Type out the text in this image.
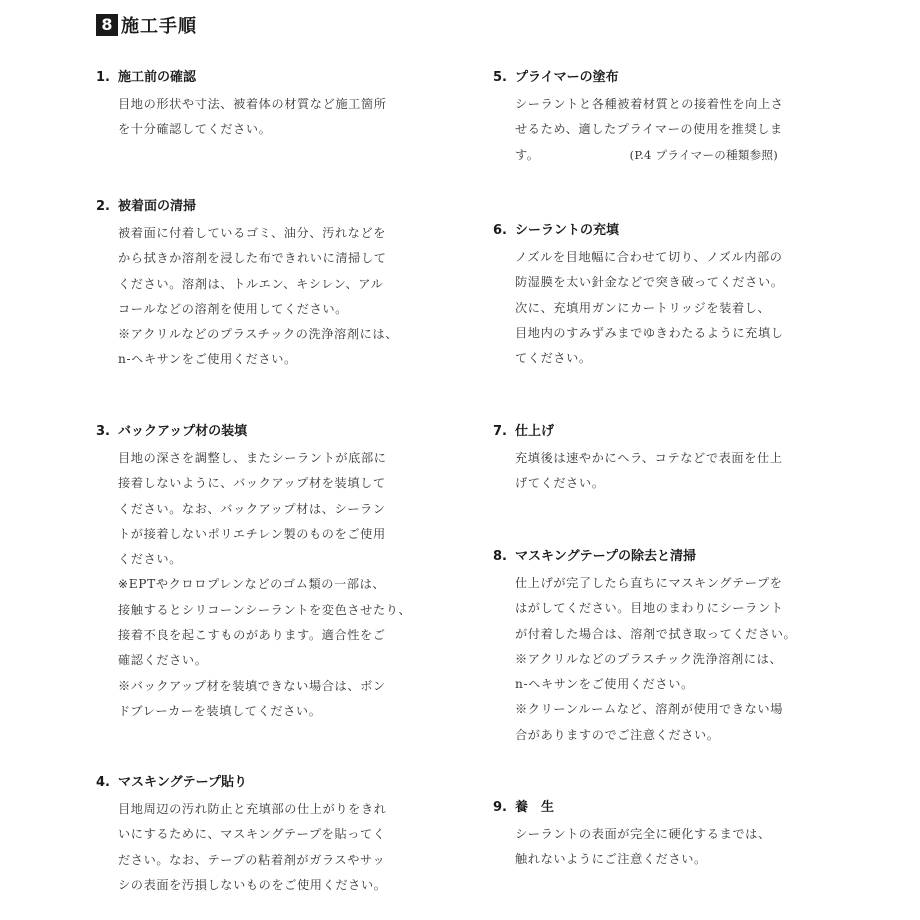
8 施工手順
1. 施工前の確認
目地の形状や寸法、被着体の材質など施工箇所
を十分確認してください。
2. 被着面の清掃
被着面に付着しているゴミ、油分、汚れなどを
から拭きか溶剤を浸した布できれいに清掃して
ください。溶剤は、トルエン、キシレン、アル
コールなどの溶剤を使用してください。
※アクリルなどのプラスチックの洗浄溶剤には、
n-ヘキサンをご使用ください。
3. バックアップ材の装填
目地の深さを調整し、またシーラントが底部に
接着しないように、バックアップ材を装填して
ください。なお、バックアップ材は、シーラン
トが接着しないポリエチレン製のものをご使用
ください。
※EPTやクロロプレンなどのゴム類の一部は、
接触するとシリコーンシーラントを変色させたり、
接着不良を起こすものがあります。適合性をご
確認ください。
※バックアップ材を装填できない場合は、ボン
ドブレーカーを装填してください。
4. マスキングテープ貼り
目地周辺の汚れ防止と充填部の仕上がりをきれ
いにするために、マスキングテープを貼ってく
ださい。なお、テープの粘着剤がガラスやサッ
シの表面を汚損しないものをご使用ください。
5. プライマーの塗布
シーラントと各種被着材質との接着性を向上さ
せるため、適したプライマーの使用を推奨しま
す。	(P.4 プライマーの種類参照)
6. シーラントの充填
ノズルを目地幅に合わせて切り、ノズル内部の
防湿膜を太い針金などで突き破ってください。
次に、充填用ガンにカートリッジを装着し、
目地内のすみずみまでゆきわたるように充填し
てください。
7. 仕上げ
充填後は速やかにヘラ、コテなどで表面を仕上
げてください。
8. マスキングテープの除去と清掃
仕上げが完了したら直ちにマスキングテープを
はがしてください。目地のまわりにシーラント
が付着した場合は、溶剤で拭き取ってください。
※アクリルなどのプラスチック洗浄溶剤には、
n-ヘキサンをご使用ください。
※クリーンルームなど、溶剤が使用できない場
合がありますのでご注意ください。
9. 養　生
シーラントの表面が完全に硬化するまでは、
触れないようにご注意ください。
